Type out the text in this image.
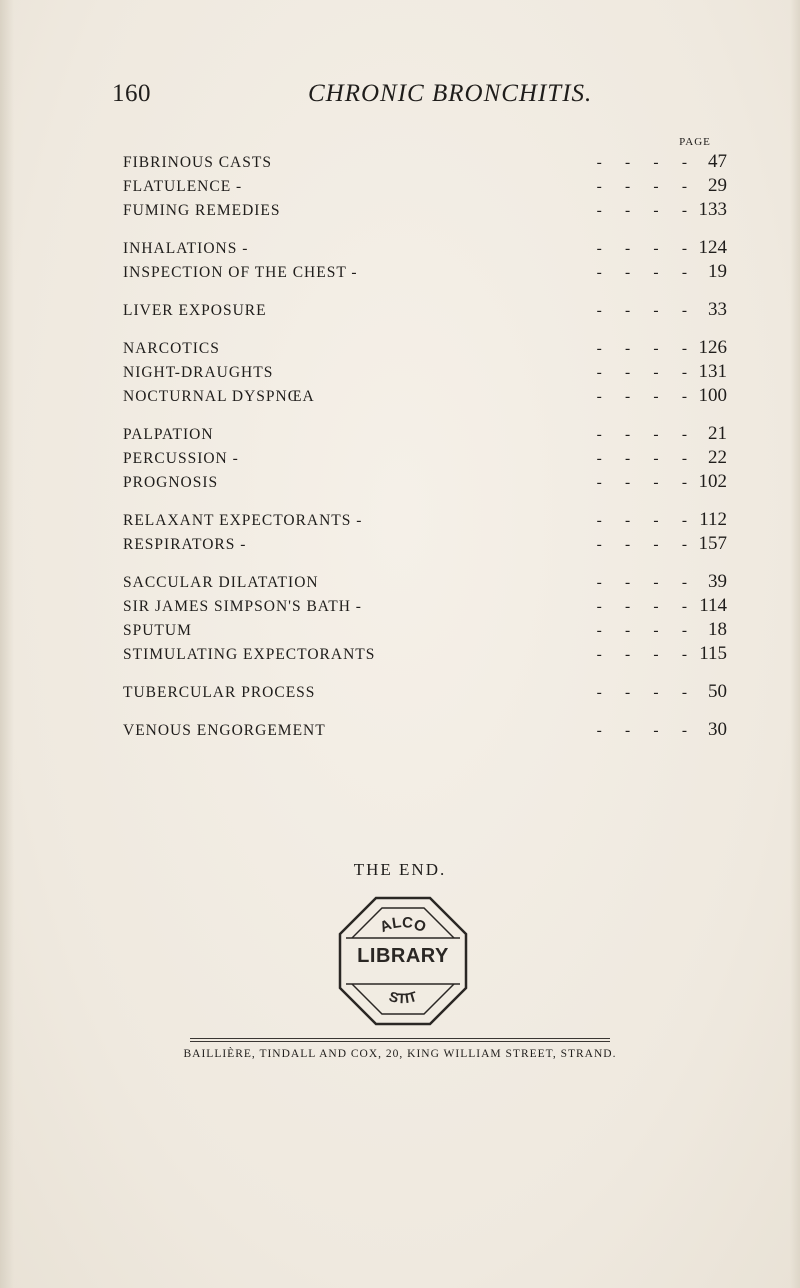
160	CHRONIC BRONCHITIS.
PAGE
-
FIBRINOUS CASTS	47
-
FLATULENCE -	29
-
FUMING REMEDIES	133
-
INHALATIONS -	124
-
INSPECTION OF THE CHEST -	19
-
LIVER EXPOSURE	33
-
NARCOTICS	126
-
NIGHT-DRAUGHTS	131
-
NOCTURNAL DYSPNŒA	100
-
PALPATION	21
-
PERCUSSION -	22
-
PROGNOSIS	102
-
RELAXANT EXPECTORANTS -	112
-
RESPIRATORS -	157
-
SACCULAR DILATATION	39
-
SIR JAMES SIMPSON'S BATH -	114
-
SPUTUM	18
-
STIMULATING EXPECTORANTS	115
-
TUBERCULAR PROCESS	50
-
VENOUS ENGORGEMENT	30
THE END.
ALCO
STIT
LIBRARY
BAILLIÈRE, TINDALL AND COX, 20, KING WILLIAM STREET, STRAND.
